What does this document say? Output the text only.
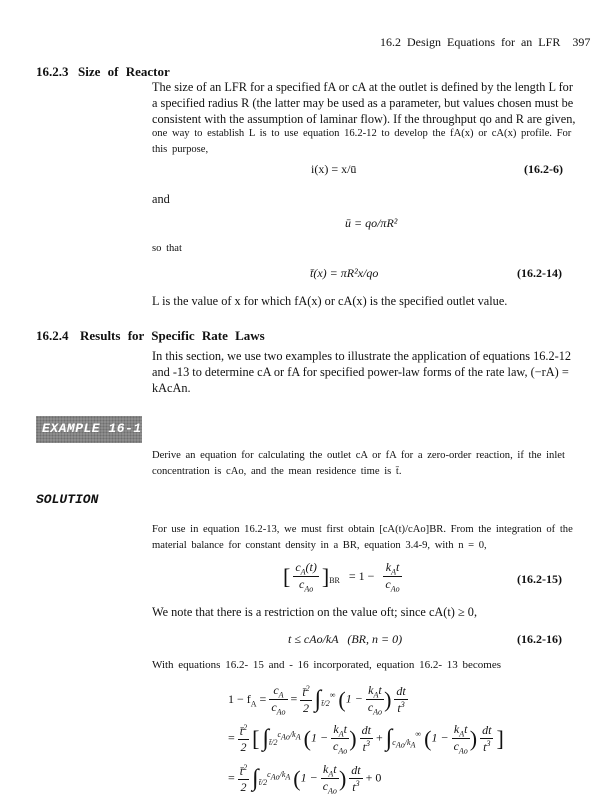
16.2 Design Equations for an LFR 397
16.2.3 Size of Reactor
The size of an LFR for a specified fA or cA at the outlet is defined by the length L for a specified radius R (the latter may be used as a parameter, but values chosen must be consistent with the assumption of laminar flow). If the throughput qo and R are given,
one way to establish L is to use equation 16.2-12 to develop the fA(x) or cA(x) profile. For this purpose,
i(x) = x/ū	(16.2-6)
and
ū = qo/πR²
so that
t̄(x) = πR²x/qo	(16.2-14)
L is the value of x for which fA(x) or cA(x) is the specified outlet value.
16.2.4 Results for Specific Rate Laws
In this section, we use two examples to illustrate the application of equations 16.2-12 and -13 to determine cA or fA for specified power-law forms of the rate law, (−rA) = kAcAn.
EXAMPLE 16-1
Derive an equation for calculating the outlet cA or fA for a zero-order reaction, if the inlet concentration is cAo, and the mean residence time is t̄.
SOLUTION
For use in equation 16.2-13, we must first obtain [cA(t)/cAo]BR. From the integration of the material balance for constant density in a BR, equation 3.4-9, with n = 0,
[ $\frac{c_A(t)}{c_{Ao}} ]_{BR} = 1 - \frac{k_At}{c_{Ao}}$	(16.2-15)
We note that there is a restriction on the value oft; since cA(t) ≥ 0,
t ≤ cAo/kA   (BR, n = 0)	(16.2-16)
With equations 16.2- 15 and - 16 incorporated, equation 16.2- 13 becomes
$1 - f_A = \frac{c_A}{c_{Ao}} = \frac{t̄^2}{2} \int_{t̄/2}^\infty$ ($1 - \frac{k_At}{c_{Ao}}$ ) $\frac{dt}{t^3}$
= $\frac{t̄^2}{2}$ [ $\int_{t̄/2}^{c_{Ao}/k_A}$ ($1 - \frac{k_At}{c_{Ao}}$ ) $\frac{dt}{t^3} + \int_{c_{Ao}/k_A}^\infty$ ($1 - \frac{k_At}{c_{Ao}}$ ) $\frac{dt}{t^3}$ ]
= $\frac{t̄^2}{2} \int_{t̄/2}^{c_{Ao}/k_A}$ ($1 - \frac{k_At}{c_{Ao}}$ ) $\frac{dt}{t^3} + 0$
